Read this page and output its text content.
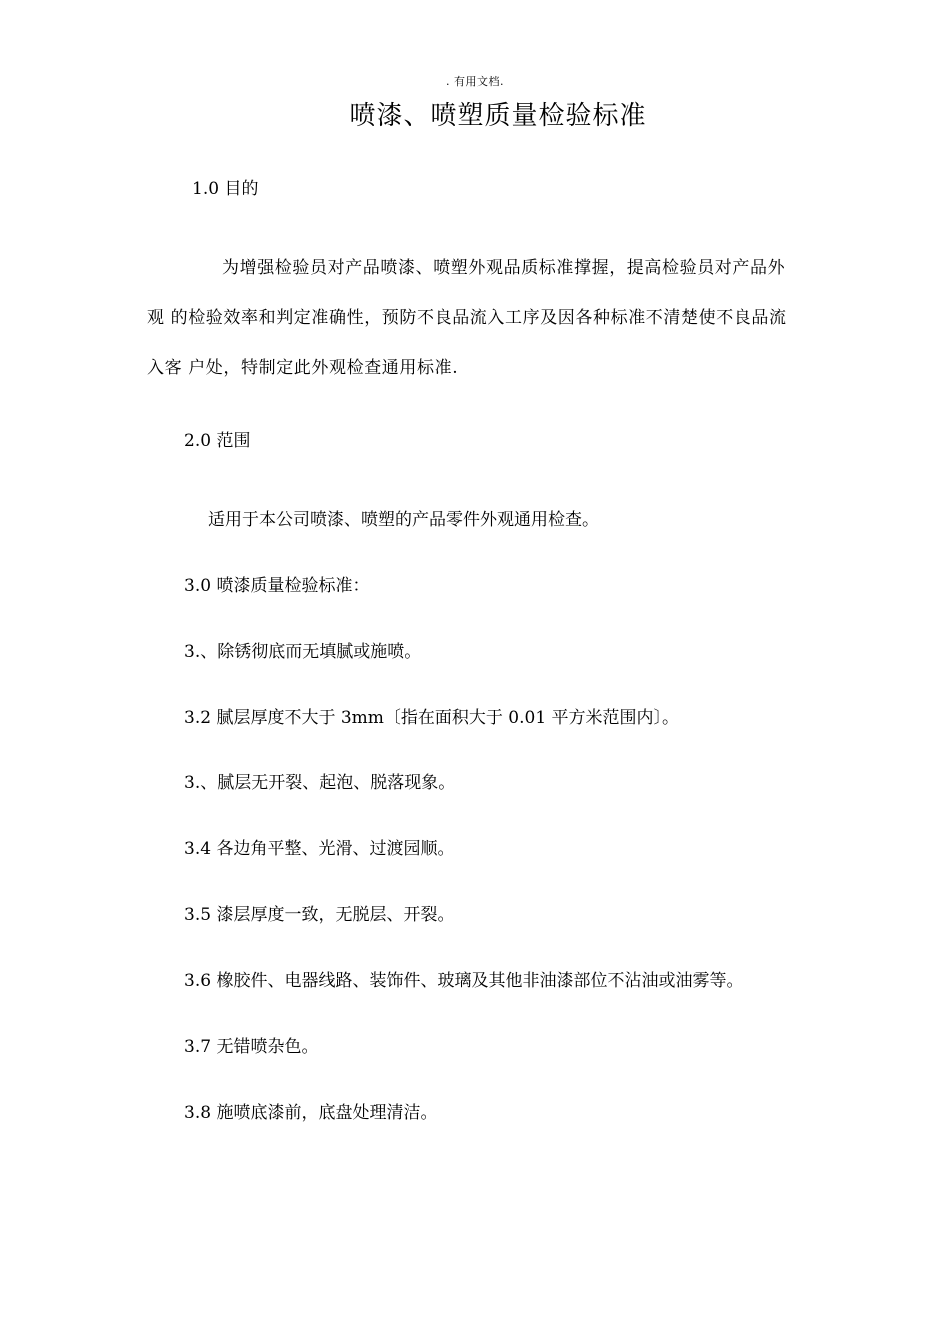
. 有用文档.
喷漆、喷塑质量检验标准
1.0 目的
为增强检验员对产品喷漆、喷塑外观品质标准撑握，提高检验员对产品外
观 的检验效率和判定准确性，预防不良品流入工序及因各种标准不清楚使不良品流
入客 户处，特制定此外观检查通用标准.
2.0 范围
适用于本公司喷漆、喷塑的产品零件外观通用检查。
3.0 喷漆质量检验标准：
3.、除锈彻底而无填腻或施喷。
3.2 腻层厚度不大于 3mm〔指在面积大于 0.01 平方米范围内〕。
3.、腻层无开裂、起泡、脱落现象。
3.4 各边角平整、光滑、过渡园顺。
3.5 漆层厚度一致，无脱层、开裂。
3.6 橡胶件、电器线路、装饰件、玻璃及其他非油漆部位不沾油或油雾等。
3.7 无错喷杂色。
3.8 施喷底漆前，底盘处理清洁。
